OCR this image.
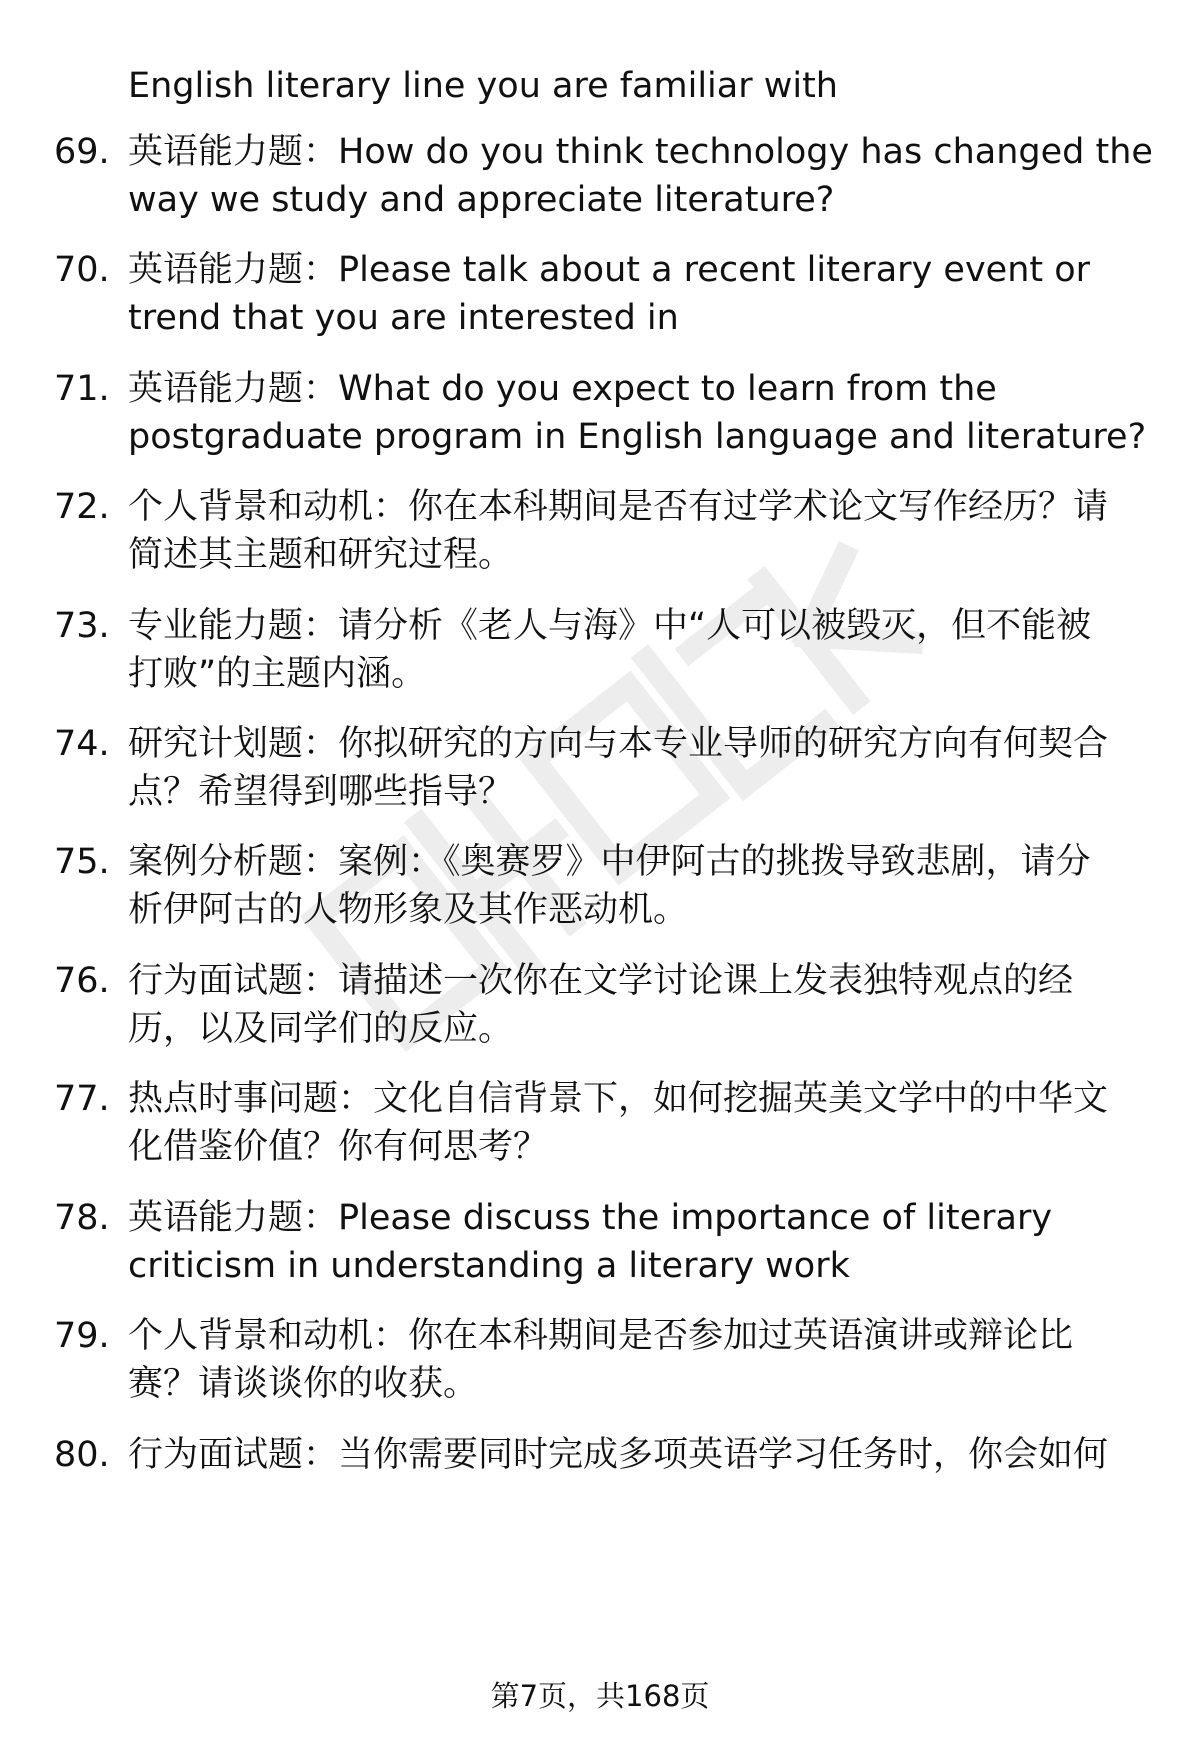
English literary line you are familiar with
69. 英语能力题：How do you think technology has changed the
way we study and appreciate literature?
70. 英语能力题：Please talk about a recent literary event or
trend that you are interested in
71. 英语能力题：What do you expect to learn from the
postgraduate program in English language and literature?
72. 个人背景和动机：你在本科期间是否有过学术论文写作经历？请
简述其主题和研究过程。
73. 专业能力题：请分析《老人与海》中“人可以被毁灭，但不能被
打败”的主题内涵。
74. 研究计划题：你拟研究的方向与本专业导师的研究方向有何契合
点？希望得到哪些指导？
75. 案例分析题：案例：《奥赛罗》中伊阿古的挑拨导致悲剧，请分
析伊阿古的人物形象及其作恶动机。
76. 行为面试题：请描述一次你在文学讨论课上发表独特观点的经
历，以及同学们的反应。
77. 热点时事问题：文化自信背景下，如何挖掘英美文学中的中华文
化借鉴价值？你有何思考？
78. 英语能力题：Please discuss the importance of literary
criticism in understanding a literary work
79. 个人背景和动机：你在本科期间是否参加过英语演讲或辩论比
赛？请谈谈你的收获。
80. 行为面试题：当你需要同时完成多项英语学习任务时，你会如何
第7页，共168页
